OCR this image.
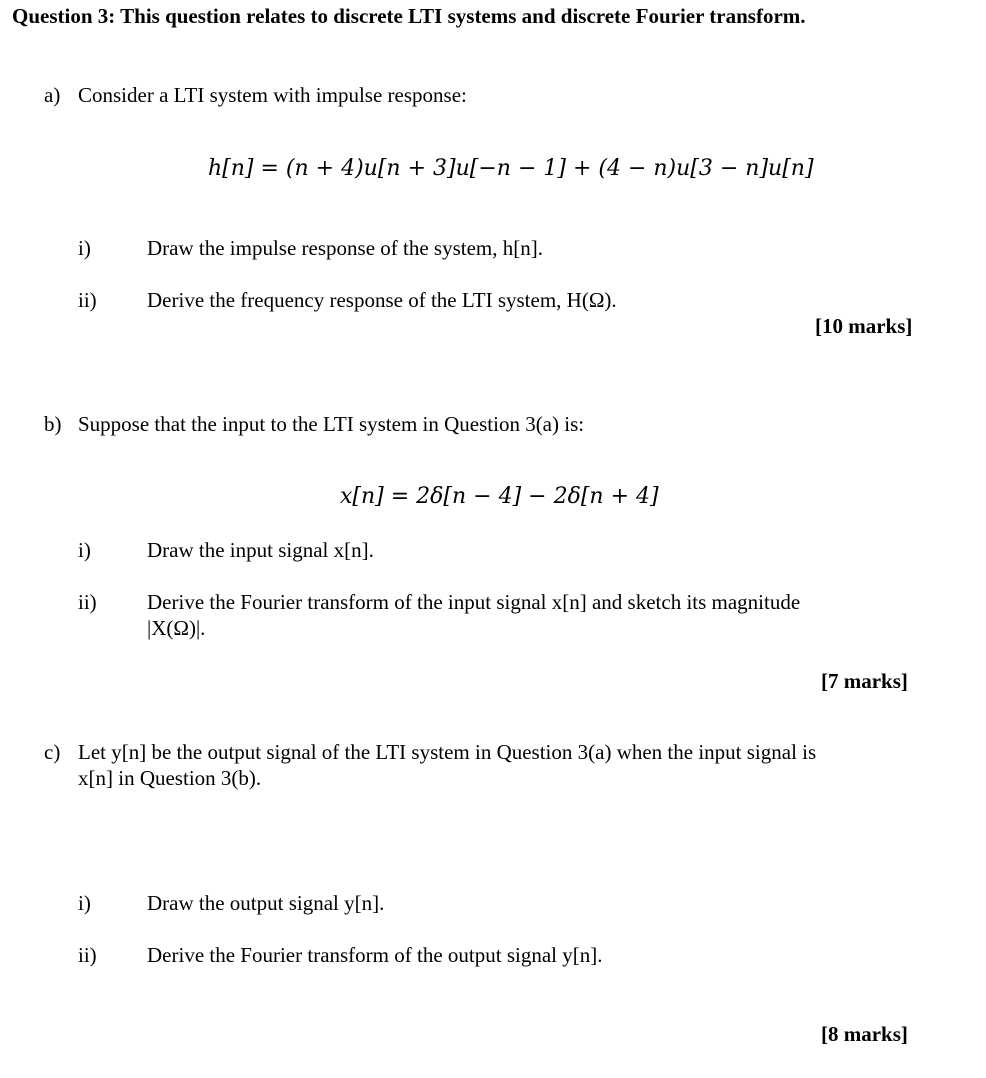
Question 3: This question relates to discrete LTI systems and discrete Fourier transform.
a) Consider a LTI system with impulse response:
h[n] = (n + 4)u[n + 3]u[−n − 1] + (4 − n)u[3 − n]u[n]
i)	Draw the impulse response of the system, h[n].
ii) Derive the frequency response of the LTI system, H(Ω).
[10 marks]
b) Suppose that the input to the LTI system in Question 3(a) is:
x[n] = 2δ[n − 4] − 2δ[n + 4]
i)	Draw the input signal x[n].
ii) Derive the Fourier transform of the input signal x[n] and sketch its magnitude
|X(Ω)|.
[7 marks]
c) Let y[n] be the output signal of the LTI system in Question 3(a) when the input signal is
x[n] in Question 3(b).
i)	Draw the output signal y[n].
ii) Derive the Fourier transform of the output signal y[n].
[8 marks]
